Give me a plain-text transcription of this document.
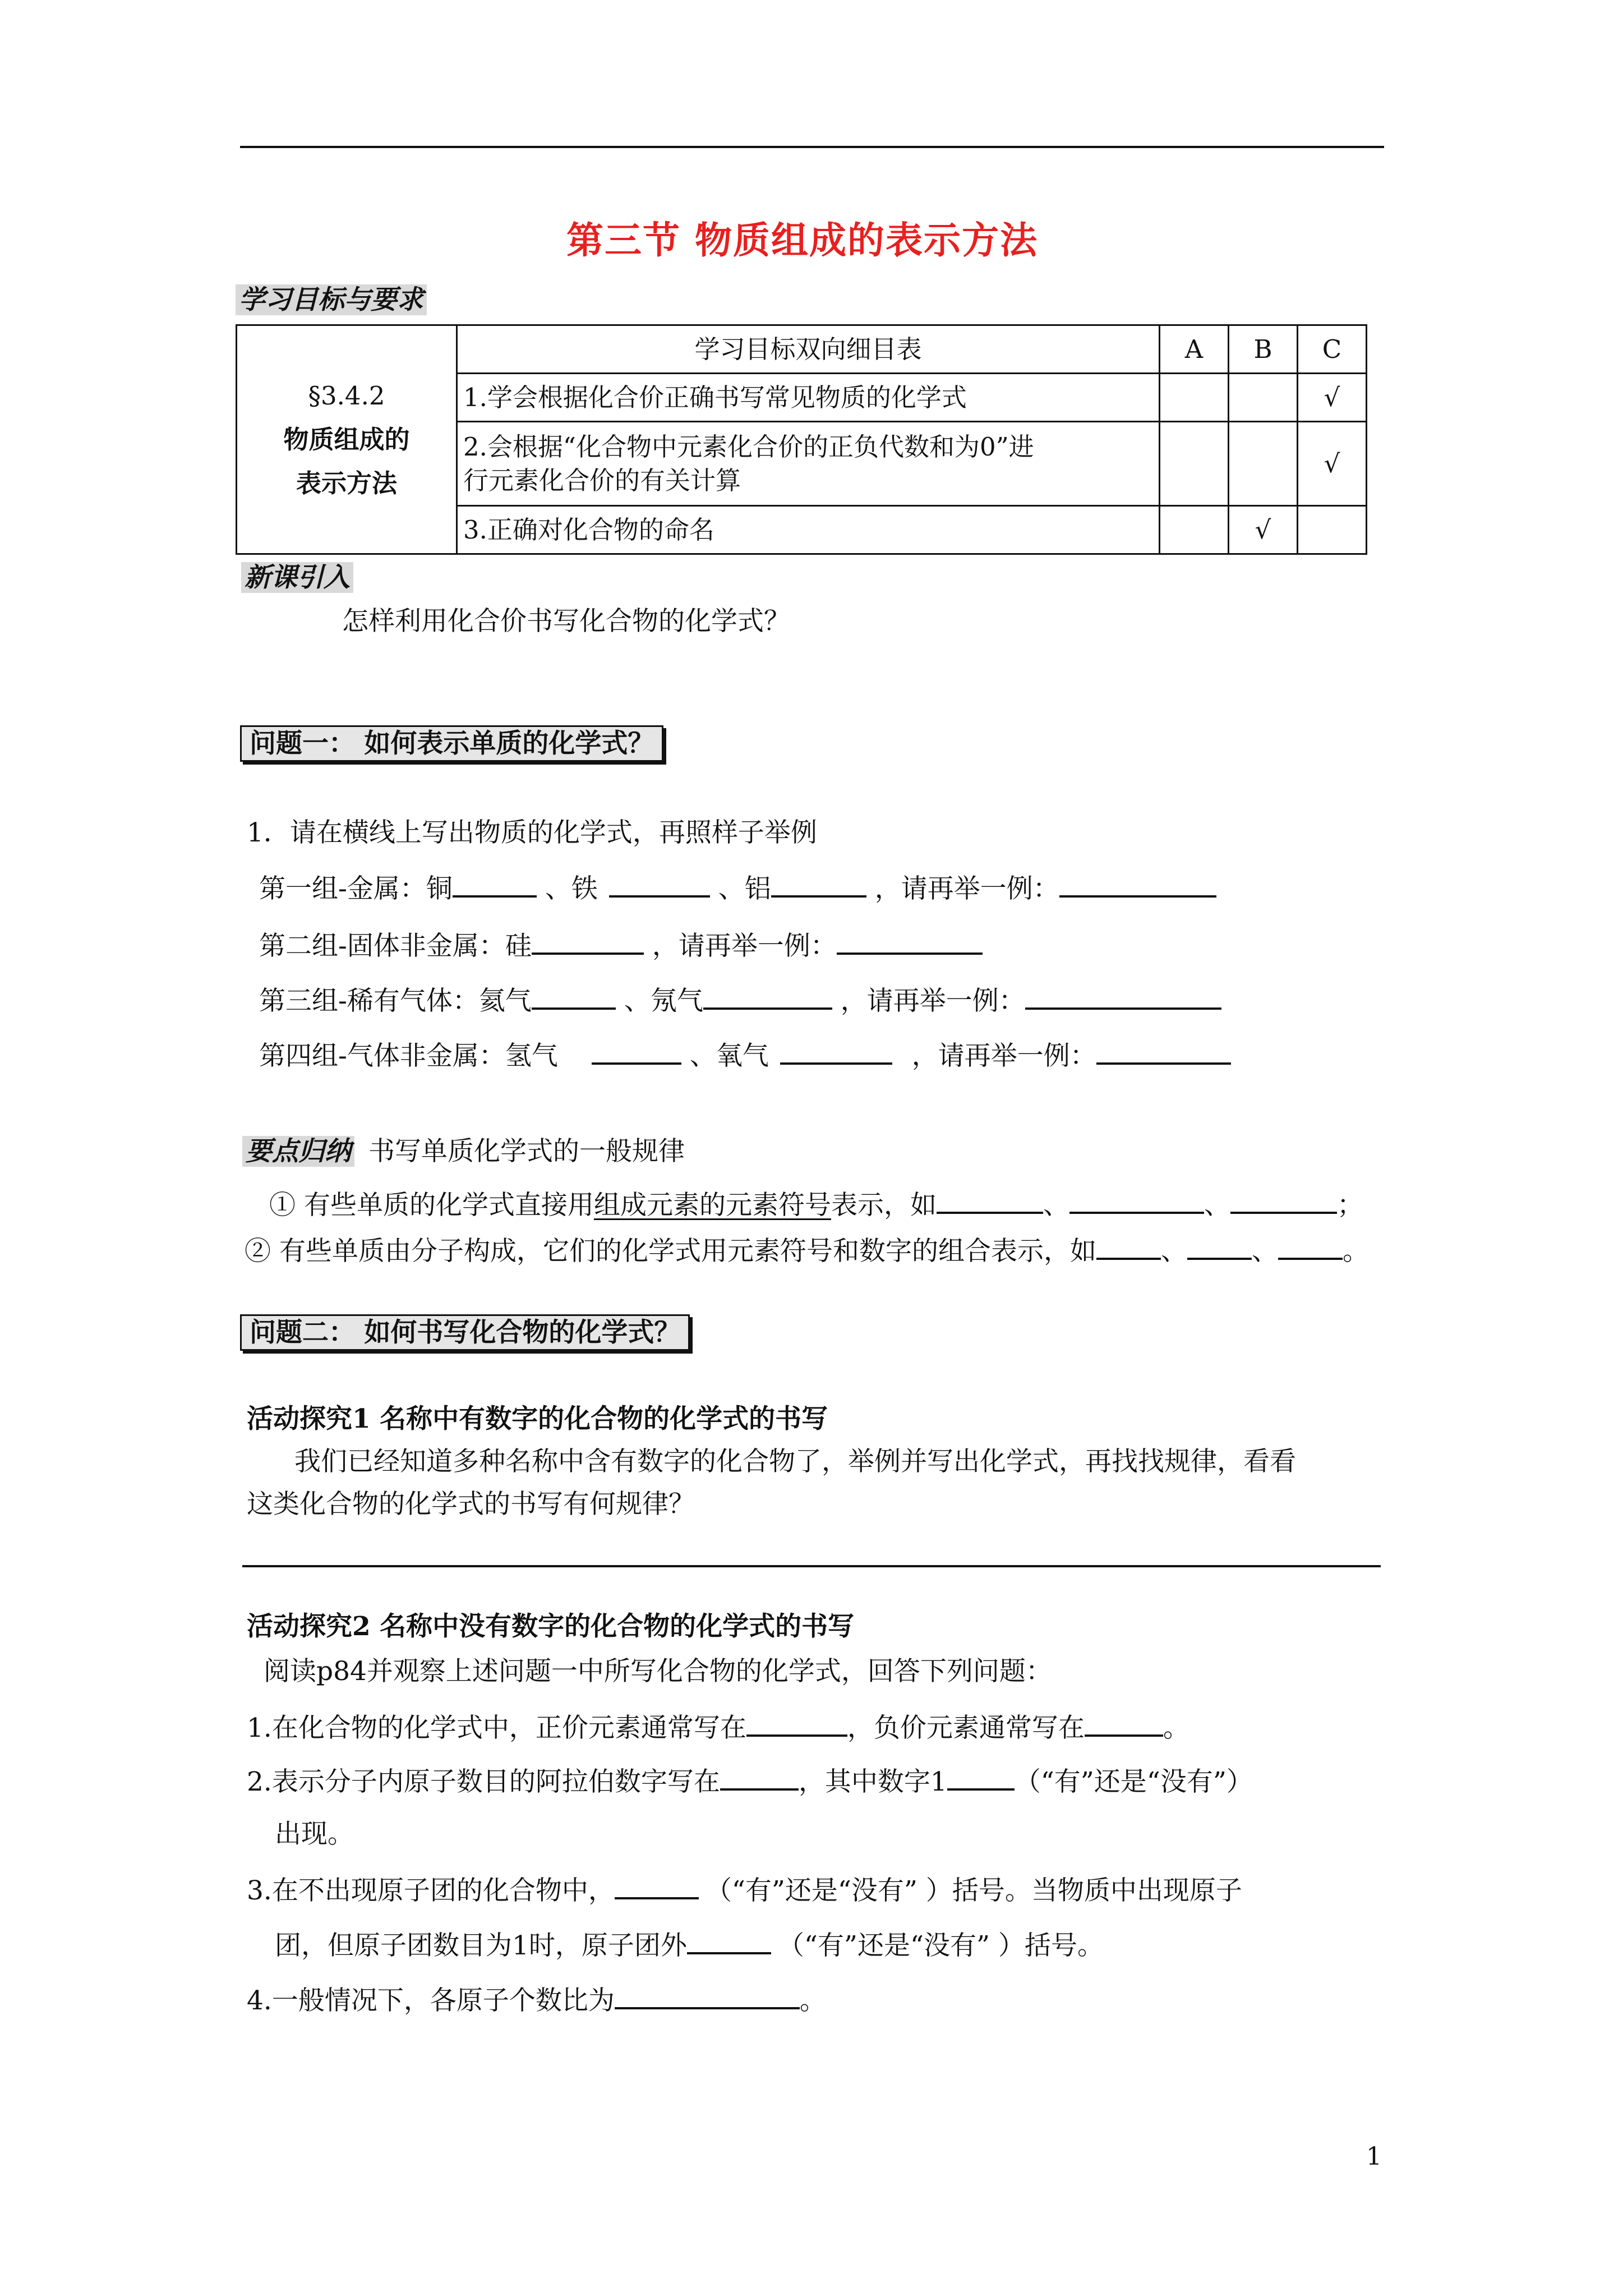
第三节 物质组成的表示方法
学习目标与要求
§3.4.2
物质组成的
表示方法	学习目标双向细目表	A	B	C
	1.学会根据化合价正确书写常见物质的化学式			√

	2.会根据“化合物中元素化合价的正负代数和为0”进
行元素化合价的有关计算			√
	3.正确对化合物的命名		√	
新课引入
怎样利用化合价书写化合物的化学式？
问题一： 如何表示单质的化学式？
1．请在横线上写出物质的化学式，再照样子举例
第一组-金属：铜	、铁	、铝	，请再举一例：
第二组-固体非金属：硅	，请再举一例：
第三组-稀有气体：氦气	、氖气	，请再举一例：
第四组-气体非金属：氢气	、氧气	，请再举一例：
要点归纳 书写单质化学式的一般规律
① 有些单质的化学式直接用组成元素的元素符号表示，如	、	、	；
② 有些单质由分子构成，它们的化学式用元素符号和数字的组合表示，如 、 、 。
问题二： 如何书写化合物的化学式？
活动探究1 名称中有数字的化合物的化学式的书写
我们已经知道多种名称中含有数字的化合物了，举例并写出化学式，再找找规律，看看
这类化合物的化学式的书写有何规律？
活动探究2 名称中没有数字的化合物的化学式的书写
阅读p84并观察上述问题一中所写化合物的化学式，回答下列问题：
1.在化合物的化学式中，正价元素通常写在	，负价元素通常写在	。
2.表示分子内原子数目的阿拉伯数字写在	，其中数字1	（“有”还是“没有”）
出现。
3.在不出现原子团的化合物中，	（“有”还是“没有” ）括号。当物质中出现原子
团，但原子团数目为1时，原子团外	（“有”还是“没有” ）括号。
4.一般情况下，各原子个数比为	。
1
